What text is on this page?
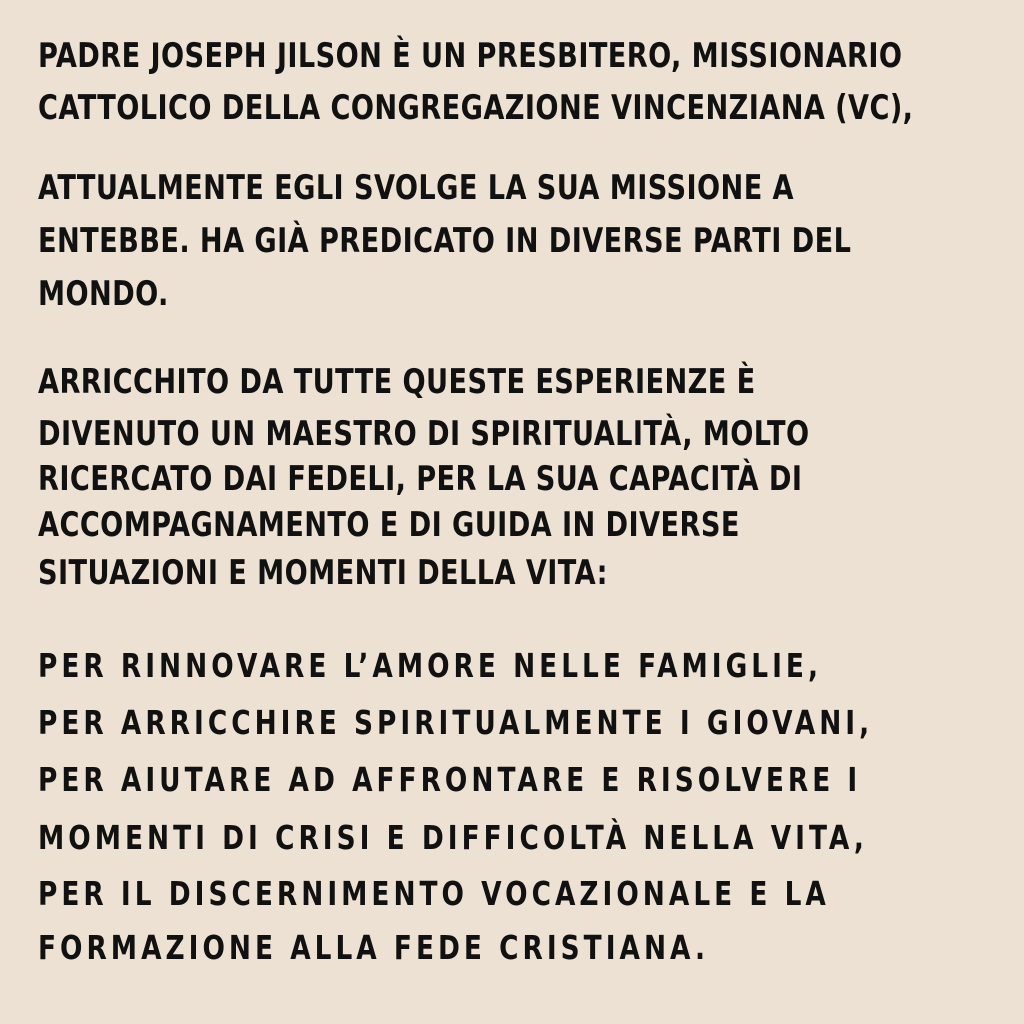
PADRE JOSEPH JILSON È UN PRESBITERO, MISSIONARIO
CATTOLICO DELLA CONGREGAZIONE VINCENZIANA (VC),
ATTUALMENTE EGLI SVOLGE LA SUA MISSIONE A
ENTEBBE. HA GIÀ PREDICATO IN DIVERSE PARTI DEL
MONDO.
ARRICCHITO DA TUTTE QUESTE ESPERIENZE È
DIVENUTO UN MAESTRO DI SPIRITUALITÀ, MOLTO
RICERCATO DAI FEDELI, PER LA SUA CAPACITÀ DI
ACCOMPAGNAMENTO E DI GUIDA IN DIVERSE
SITUAZIONI E MOMENTI DELLA VITA:
PER RINNOVARE L’AMORE NELLE FAMIGLIE,
PER ARRICCHIRE SPIRITUALMENTE I GIOVANI,
PER AIUTARE AD AFFRONTARE E RISOLVERE I
MOMENTI DI CRISI E DIFFICOLTÀ NELLA VITA,
PER IL DISCERNIMENTO VOCAZIONALE E LA
FORMAZIONE ALLA FEDE CRISTIANA.
